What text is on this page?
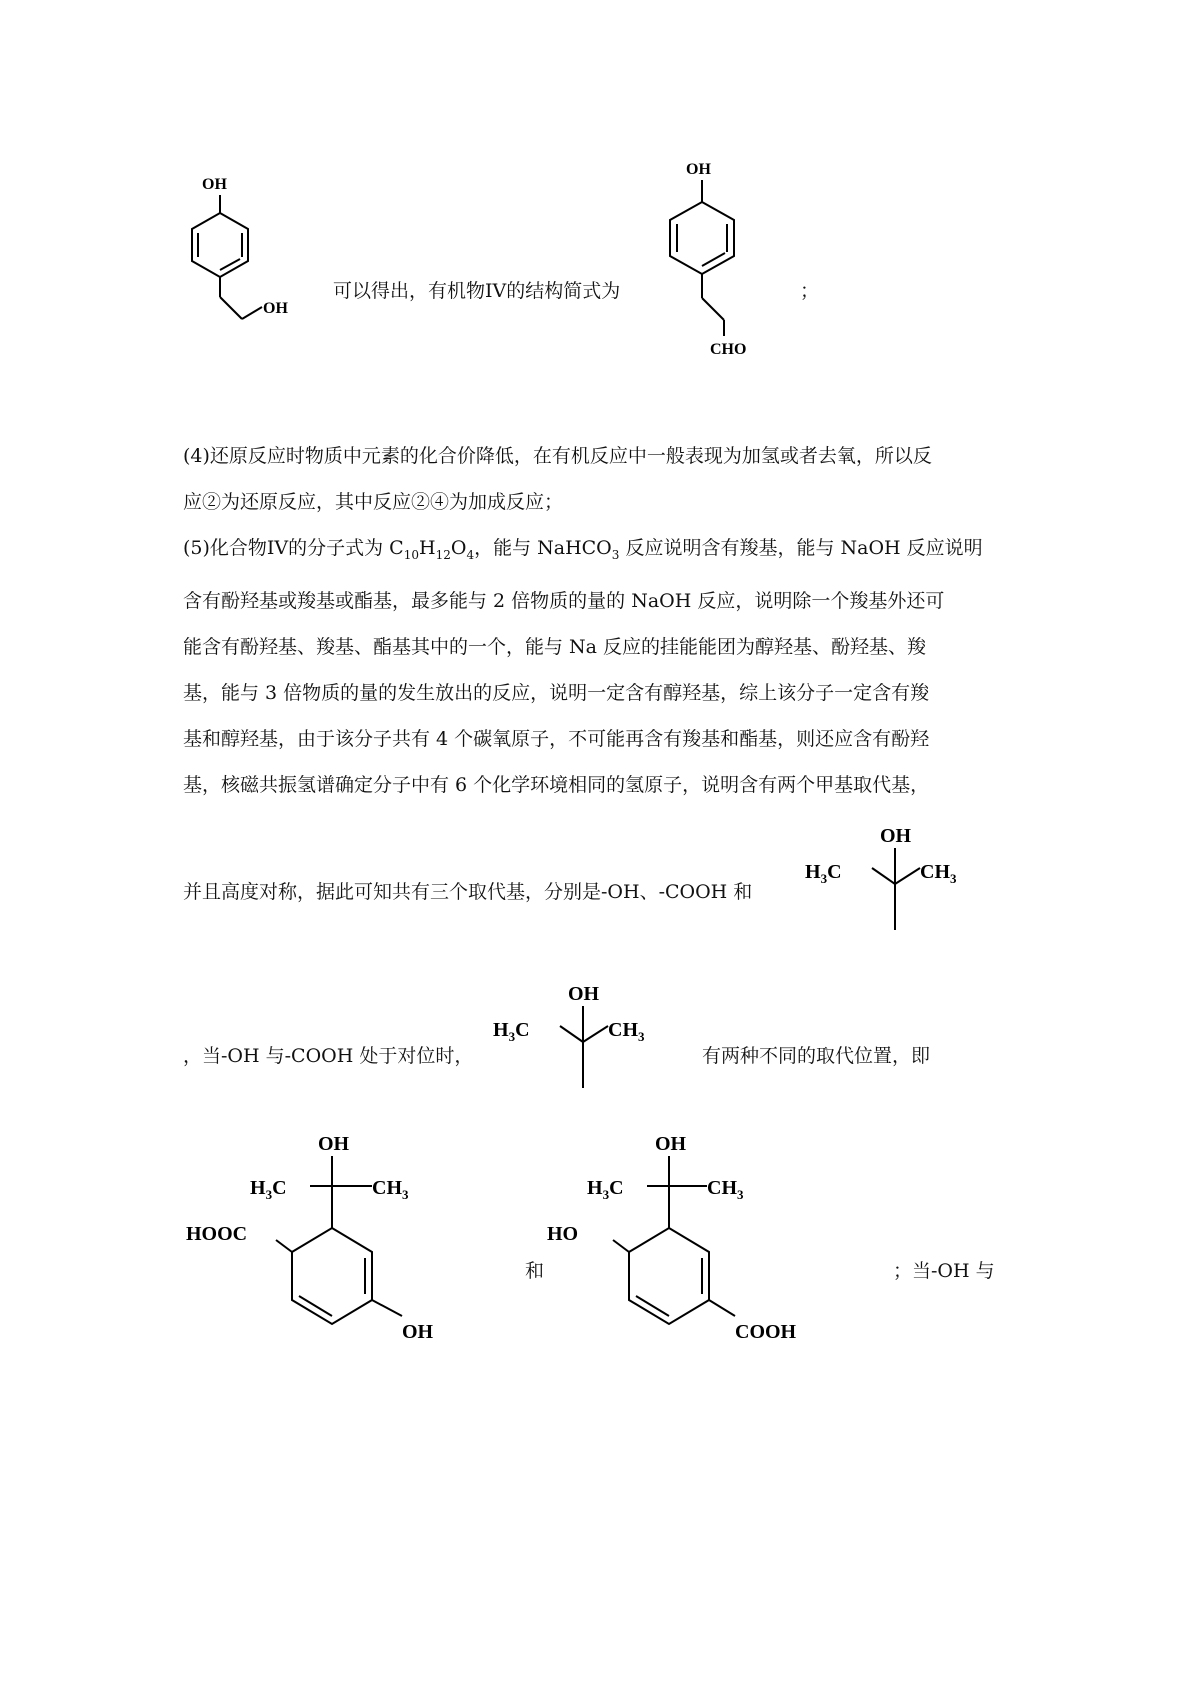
OH
OH
可以得出，有机物IV的结构简式为
OH
CHO
；
(4)还原反应时物质中元素的化合价降低，在有机反应中一般表现为加氢或者去氧，所以反
应②为还原反应，其中反应②④为加成反应；
(5)化合物IV的分子式为 $C_{10}H_{12}O_4$，能与 NaHCO$_3$ 反应说明含有羧基，能与 NaOH 反应说明
含有酚羟基或羧基或酯基，最多能与 2 倍物质的量的 NaOH 反应，说明除一个羧基外还可
能含有酚羟基、羧基、酯基其中的一个，能与 Na 反应的挂能能团为醇羟基、酚羟基、羧
基，能与 3 倍物质的量的发生放出的反应，说明一定含有醇羟基，综上该分子一定含有羧
基和醇羟基，由于该分子共有 4 个碳氧原子，不可能再含有羧基和酯基，则还应含有酚羟
基，核磁共振氢谱确定分子中有 6 个化学环境相同的氢原子，说明含有两个甲基取代基，
并且高度对称，据此可知共有三个取代基，分别是-OH、-COOH 和
OH
$H_3C$	$CH_3$
，当-OH 与-COOH 处于对位时，
OH
$H_3C$	$CH_3$
有两种不同的取代位置，即
OH
$H_3C$	$CH_3$
HOOC
OH
和
OH
$H_3C$	$CH_3$
HO
COOH
；当-OH 与
